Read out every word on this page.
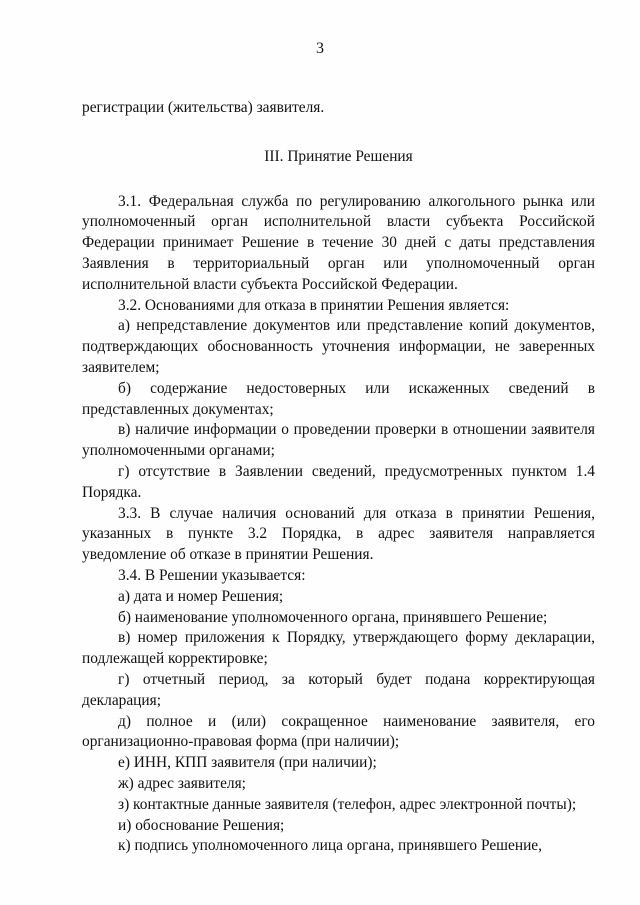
3

регистрации (жительства) заявителя.

III. Принятие Решения

3.1. Федеральная служба по регулированию алкогольного рынка или уполномоченный орган исполнительной власти субъекта Российской Федерации принимает Решение в течение 30 дней с даты представления Заявления в территориальный орган или уполномоченный орган исполнительной власти субъекта Российской Федерации.

3.2. Основаниями для отказа в принятии Решения является:

а) непредставление документов или представление копий документов, подтверждающих обоснованность уточнения информации, не заверенных заявителем;

б) содержание недостоверных или искаженных сведений в представленных документах;

в) наличие информации о проведении проверки в отношении заявителя уполномоченными органами;

г) отсутствие в Заявлении сведений, предусмотренных пунктом 1.4 Порядка.

3.3. В случае наличия оснований для отказа в принятии Решения, указанных в пункте 3.2 Порядка, в адрес заявителя направляется уведомление об отказе в принятии Решения.

3.4. В Решении указывается:

а) дата и номер Решения;

б) наименование уполномоченного органа, принявшего Решение;

в) номер приложения к Порядку, утверждающего форму декларации, подлежащей корректировке;

г) отчетный период, за который будет подана корректирующая декларация;

д) полное и (или) сокращенное наименование заявителя, его организационно-правовая форма (при наличии);

е) ИНН, КПП заявителя (при наличии);

ж) адрес заявителя;

з) контактные данные заявителя (телефон, адрес электронной почты);

и) обоснование Решения;

к) подпись уполномоченного лица органа, принявшего Решение,
